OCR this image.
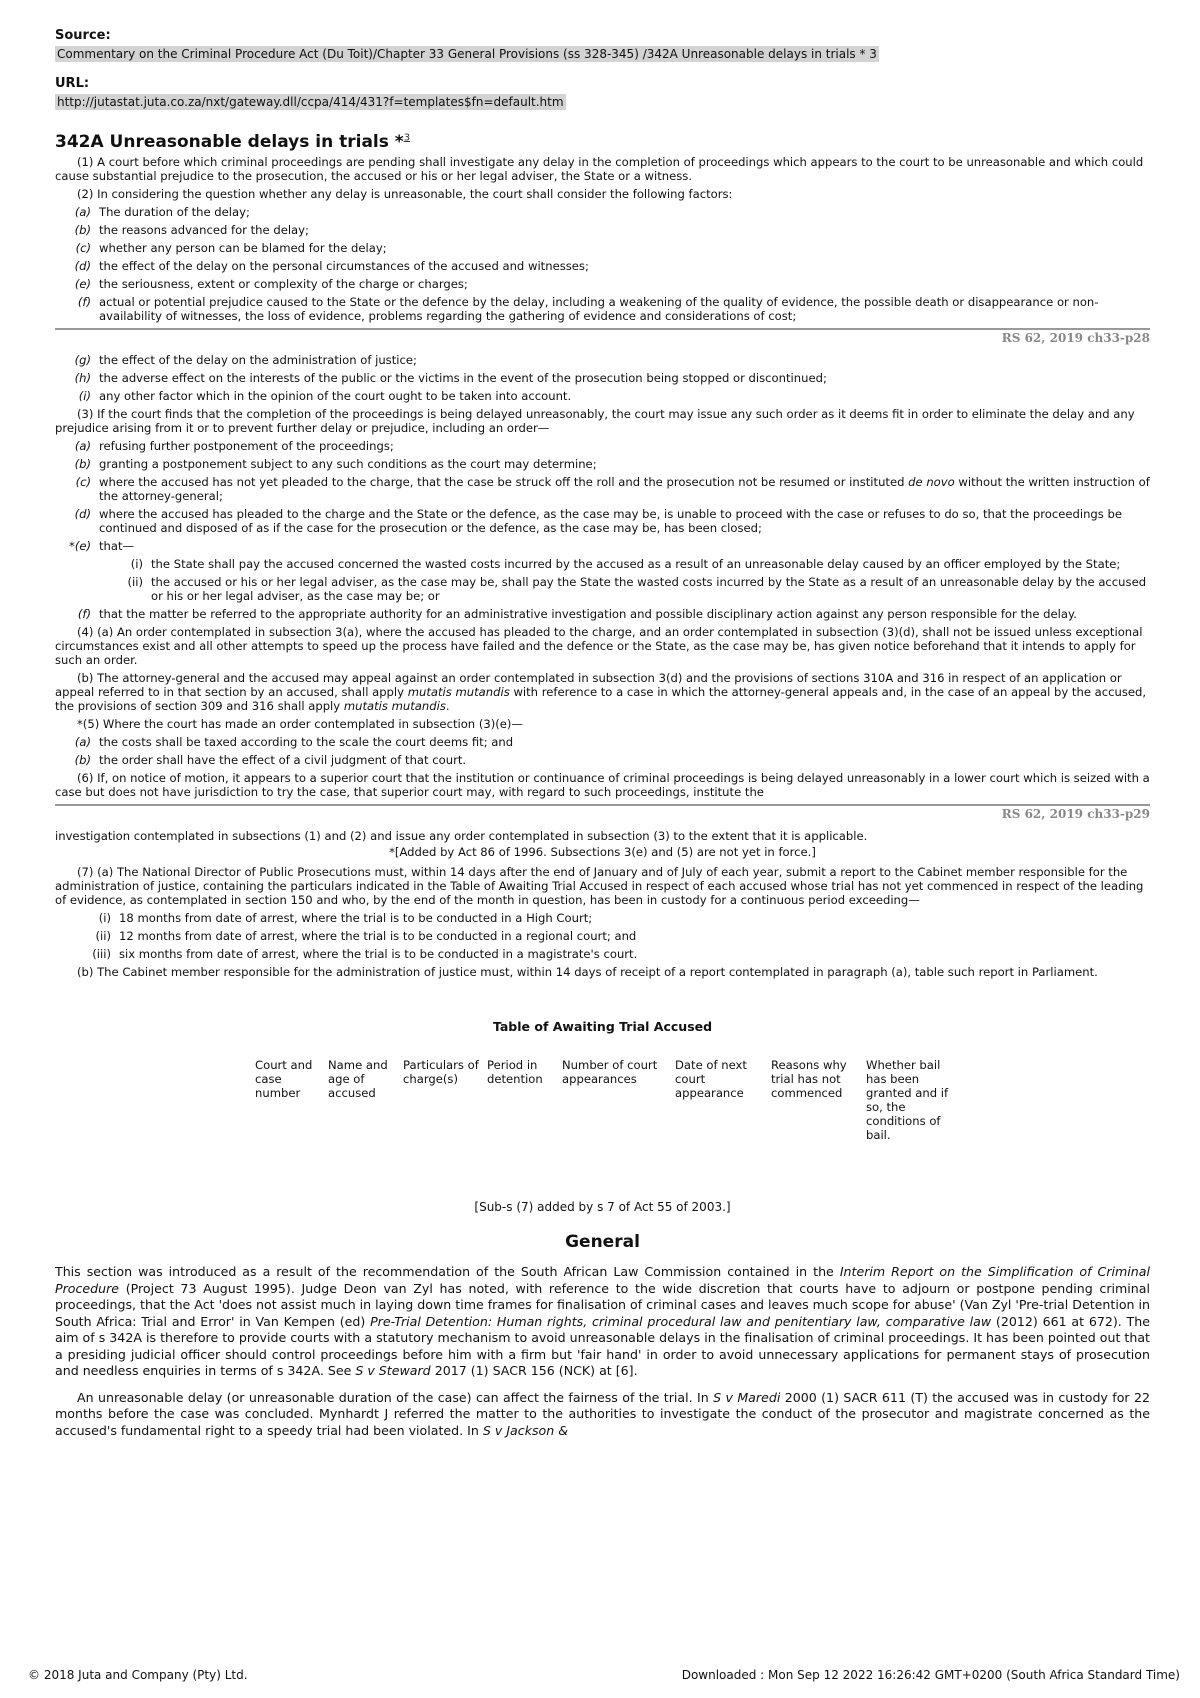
Source:

Commentary on the Criminal Procedure Act (Du Toit)/Chapter 33 General Provisions (ss 328-345) /342A Unreasonable delays in trials * 3

URL:

http://jutastat.juta.co.za/nxt/gateway.dll/ccpa/414/431?f=templates$fn=default.htm
342A Unreasonable delays in trials *$^3$

(1) A court before which criminal proceedings are pending shall investigate any delay in the completion of proceedings which appears to the court to be unreasonable and which could cause substantial prejudice to the prosecution, the accused or his or her legal adviser, the State or a witness.

(2) In considering the question whether any delay is unreasonable, the court shall consider the following factors:

(a) The duration of the delay;
(b) the reasons advanced for the delay;
(c) whether any person can be blamed for the delay;
(d) the effect of the delay on the personal circumstances of the accused and witnesses;
(e) the seriousness, extent or complexity of the charge or charges;
(f) actual or potential prejudice caused to the State or the defence by the delay, including a weakening of the quality of evidence, the possible death or disappearance or non-availability of witnesses, the loss of evidence, problems regarding the gathering of evidence and considerations of cost;
RS 62, 2019 ch33-p28
(g) the effect of the delay on the administration of justice;
(h) the adverse effect on the interests of the public or the victims in the event of the prosecution being stopped or discontinued;
(i) any other factor which in the opinion of the court ought to be taken into account.

(3) If the court finds that the completion of the proceedings is being delayed unreasonably, the court may issue any such order as it deems fit in order to eliminate the delay and any prejudice arising from it or to prevent further delay or prejudice, including an order—

(a) refusing further postponement of the proceedings;
(b) granting a postponement subject to any such conditions as the court may determine;
(c) where the accused has not yet pleaded to the charge, that the case be struck off the roll and the prosecution not be resumed or instituted de novo without the written instruction of the attorney-general;
(d) where the accused has pleaded to the charge and the State or the defence, as the case may be, is unable to proceed with the case or refuses to do so, that the proceedings be continued and disposed of as if the case for the prosecution or the defence, as the case may be, has been closed;
*(e) that—
(i) the State shall pay the accused concerned the wasted costs incurred by the accused as a result of an unreasonable delay caused by an officer employed by the State;
(ii) the accused or his or her legal adviser, as the case may be, shall pay the State the wasted costs incurred by the State as a result of an unreasonable delay by the accused or his or her legal adviser, as the case may be; or
(f) that the matter be referred to the appropriate authority for an administrative investigation and possible disciplinary action against any person responsible for the delay.

(4) (a) An order contemplated in subsection 3(a), where the accused has pleaded to the charge, and an order contemplated in subsection (3)(d), shall not be issued unless exceptional circumstances exist and all other attempts to speed up the process have failed and the defence or the State, as the case may be, has given notice beforehand that it intends to apply for such an order.

(b) The attorney-general and the accused may appeal against an order contemplated in subsection 3(d) and the provisions of sections 310A and 316 in respect of an application or appeal referred to in that section by an accused, shall apply mutatis mutandis with reference to a case in which the attorney-general appeals and, in the case of an appeal by the accused, the provisions of section 309 and 316 shall apply mutatis mutandis.

*(5) Where the court has made an order contemplated in subsection (3)(e)—

(a) the costs shall be taxed according to the scale the court deems fit; and
(b) the order shall have the effect of a civil judgment of that court.

(6) If, on notice of motion, it appears to a superior court that the institution or continuance of criminal proceedings is being delayed unreasonably in a lower court which is seized with a case but does not have jurisdiction to try the case, that superior court may, with regard to such proceedings, institute the

RS 62, 2019 ch33-p29

investigation contemplated in subsections (1) and (2) and issue any order contemplated in subsection (3) to the extent that it is applicable.

*[Added by Act 86 of 1996. Subsections 3(e) and (5) are not yet in force.]

(7) (a) The National Director of Public Prosecutions must, within 14 days after the end of January and of July of each year, submit a report to the Cabinet member responsible for the administration of justice, containing the particulars indicated in the Table of Awaiting Trial Accused in respect of each accused whose trial has not yet commenced in respect of the leading of evidence, as contemplated in section 150 and who, by the end of the month in question, has been in custody for a continuous period exceeding—

(i) 18 months from date of arrest, where the trial is to be conducted in a High Court;
(ii) 12 months from date of arrest, where the trial is to be conducted in a regional court; and
(iii) six months from date of arrest, where the trial is to be conducted in a magistrate's court.

(b) The Cabinet member responsible for the administration of justice must, within 14 days of receipt of a report contemplated in paragraph (a), table such report in Parliament.

Table of Awaiting Trial Accused
Court and case number
Name and age of accused
Particulars of charge(s)
Period in detention
Number of court appearances
Date of next court appearance
Reasons why trial has not commenced
Whether bail has been granted and if so, the conditions of bail.
[Sub-s (7) added by s 7 of Act 55 of 2003.]
General

This section was introduced as a result of the recommendation of the South African Law Commission contained in the Interim Report on the Simplification of Criminal Procedure (Project 73 August 1995). Judge Deon van Zyl has noted, with reference to the wide discretion that courts have to adjourn or postpone pending criminal proceedings, that the Act 'does not assist much in laying down time frames for finalisation of criminal cases and leaves much scope for abuse' (Van Zyl 'Pre-trial Detention in South Africa: Trial and Error' in Van Kempen (ed) Pre-Trial Detention: Human rights, criminal procedural law and penitentiary law, comparative law (2012) 661 at 672). The aim of s 342A is therefore to provide courts with a statutory mechanism to avoid unreasonable delays in the finalisation of criminal proceedings. It has been pointed out that a presiding judicial officer should control proceedings before him with a firm but 'fair hand' in order to avoid unnecessary applications for permanent stays of prosecution and needless enquiries in terms of s 342A. See S v Steward 2017 (1) SACR 156 (NCK) at [6].

An unreasonable delay (or unreasonable duration of the case) can affect the fairness of the trial. In S v Maredi 2000 (1) SACR 611 (T) the accused was in custody for 22 months before the case was concluded. Mynhardt J referred the matter to the authorities to investigate the conduct of the prosecutor and magistrate concerned as the accused's fundamental right to a speedy trial had been violated. In S v Jackson &

© 2018 Juta and Company (Pty) Ltd.	Downloaded : Mon Sep 12 2022 16:26:42 GMT+0200 (South Africa Standard Time)
